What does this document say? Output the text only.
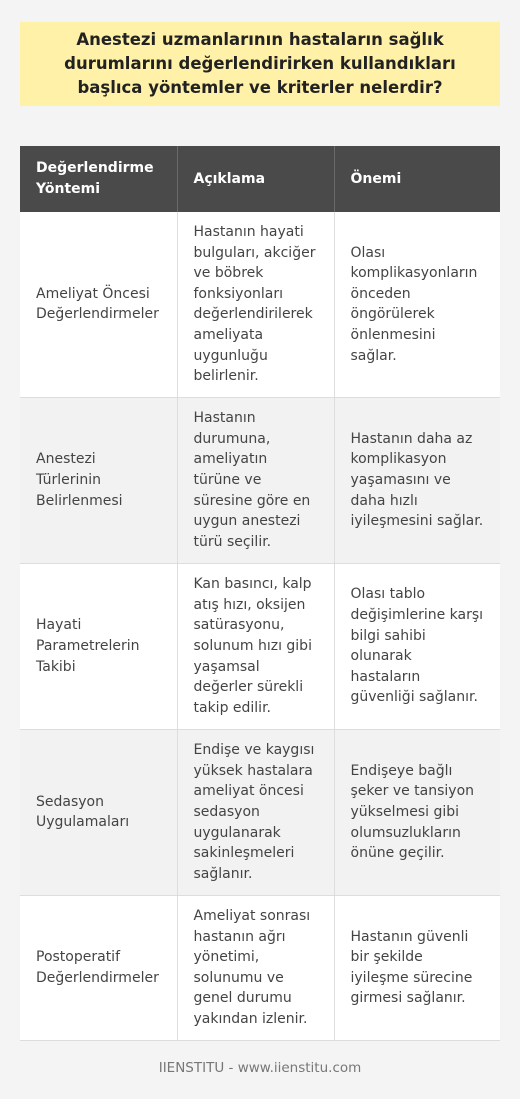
Anestezi uzmanlarının hastaların sağlık durumlarını değerlendirirken kullandıkları başlıca yöntemler ve kriterler nelerdir?
Değerlendirme Yöntemi	Açıklama	Önemi
Ameliyat Öncesi Değerlendirmeler	Hastanın hayati bulguları, akciğer ve böbrek fonksiyonları değerlendirilerek ameliyata uygunluğu belirlenir.	Olası komplikasyonların önceden öngörülerek önlenmesini sağlar.
Anestezi Türlerinin Belirlenmesi	Hastanın durumuna, ameliyatın türüne ve süresine göre en uygun anestezi türü seçilir.	Hastanın daha az komplikasyon yaşamasını ve daha hızlı iyileşmesini sağlar.
Hayati Parametrelerin Takibi	Kan basıncı, kalp atış hızı, oksijen satürasyonu, solunum hızı gibi yaşamsal değerler sürekli takip edilir.	Olası tablo değişimlerine karşı bilgi sahibi olunarak hastaların güvenliği sağlanır.
Sedasyon Uygulamaları	Endişe ve kaygısı yüksek hastalara ameliyat öncesi sedasyon uygulanarak sakinleşmeleri sağlanır.	Endişeye bağlı şeker ve tansiyon yükselmesi gibi olumsuzlukların önüne geçilir.
Postoperatif Değerlendirmeler	Ameliyat sonrası hastanın ağrı yönetimi, solunumu ve genel durumu yakından izlenir.	Hastanın güvenli bir şekilde iyileşme sürecine girmesi sağlanır.
IIENSTITU - www.iienstitu.com
